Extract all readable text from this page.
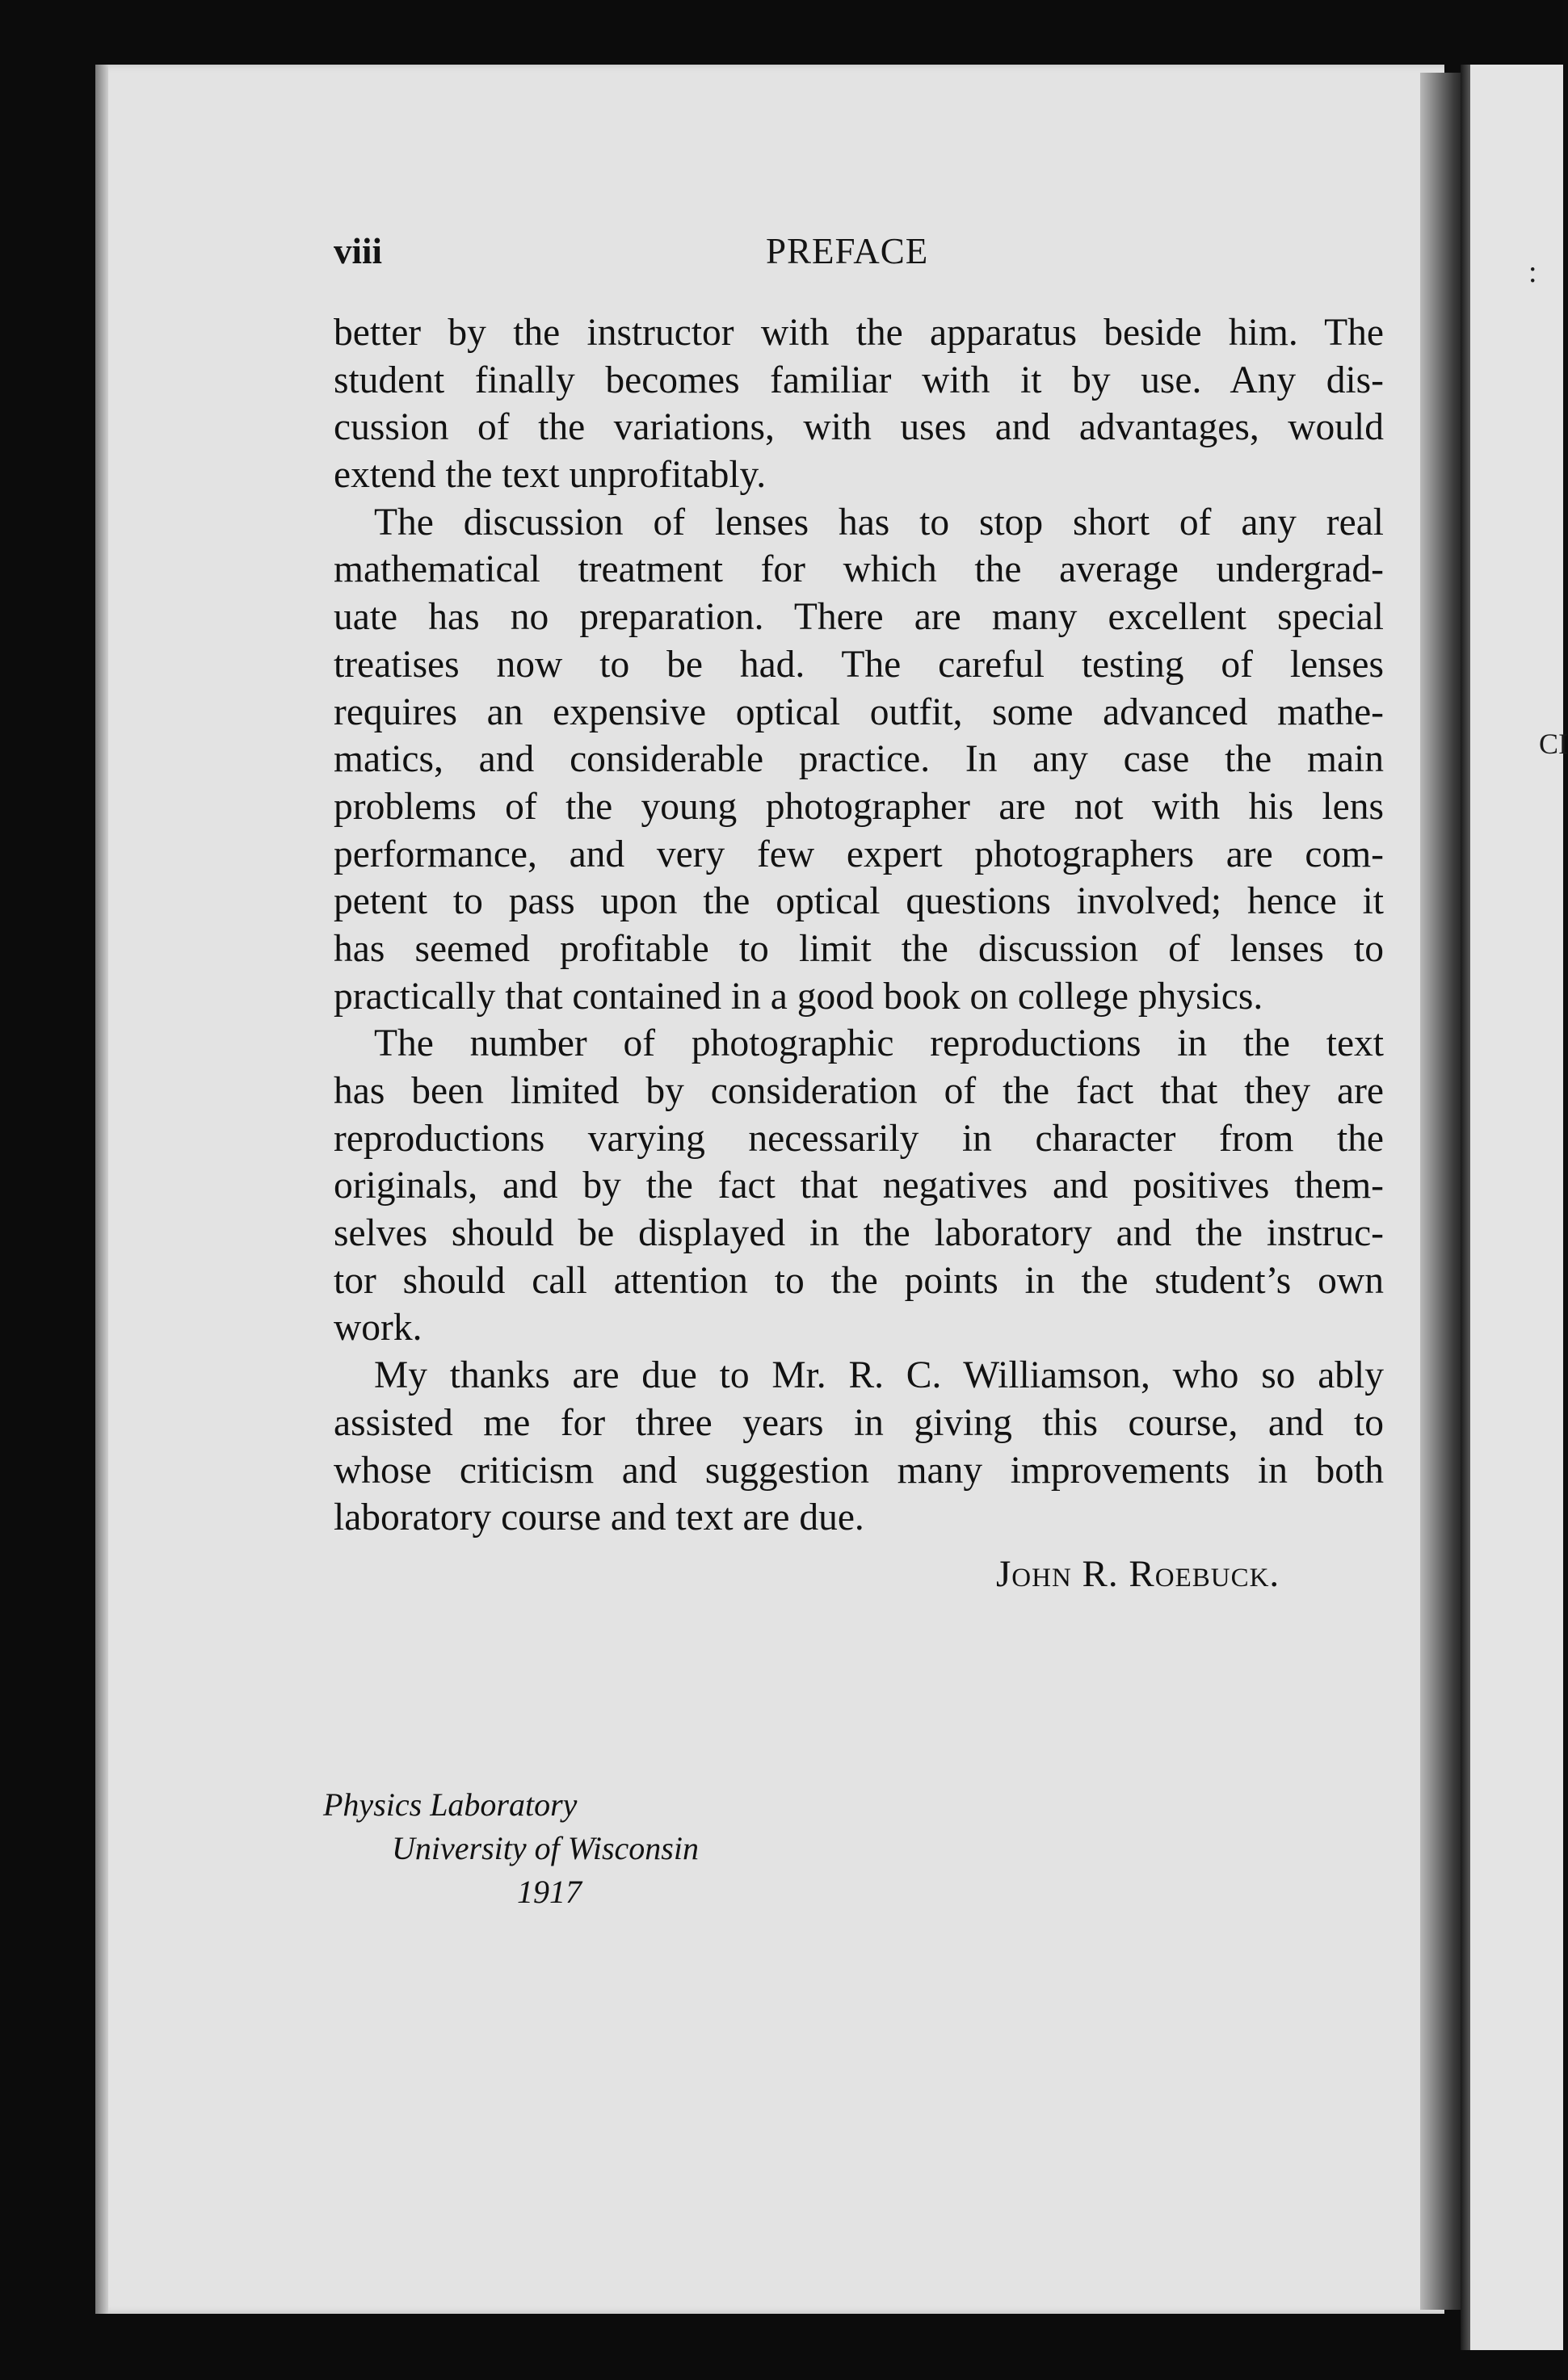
:
CI
viii	PREFACE
better by the instructor with the apparatus beside him. The
student finally becomes familiar with it by use. Any dis-
cussion of the variations, with uses and advantages, would
extend the text unprofitably.
The discussion of lenses has to stop short of any real
mathematical treatment for which the average undergrad-
uate has no preparation. There are many excellent special
treatises now to be had. The careful testing of lenses
requires an expensive optical outfit, some advanced mathe-
matics, and considerable practice. In any case the main
problems of the young photographer are not with his lens
performance, and very few expert photographers are com-
petent to pass upon the optical questions involved; hence it
has seemed profitable to limit the discussion of lenses to
practically that contained in a good book on college physics.
The number of photographic reproductions in the text
has been limited by consideration of the fact that they are
reproductions varying necessarily in character from the
originals, and by the fact that negatives and positives them-
selves should be displayed in the laboratory and the instruc-
tor should call attention to the points in the student’s own
work.
My thanks are due to Mr. R. C. Williamson, who so ably
assisted me for three years in giving this course, and to
whose criticism and suggestion many improvements in both
laboratory course and text are due.
John R. Roebuck.
Physics Laboratory
University of Wisconsin
1917
